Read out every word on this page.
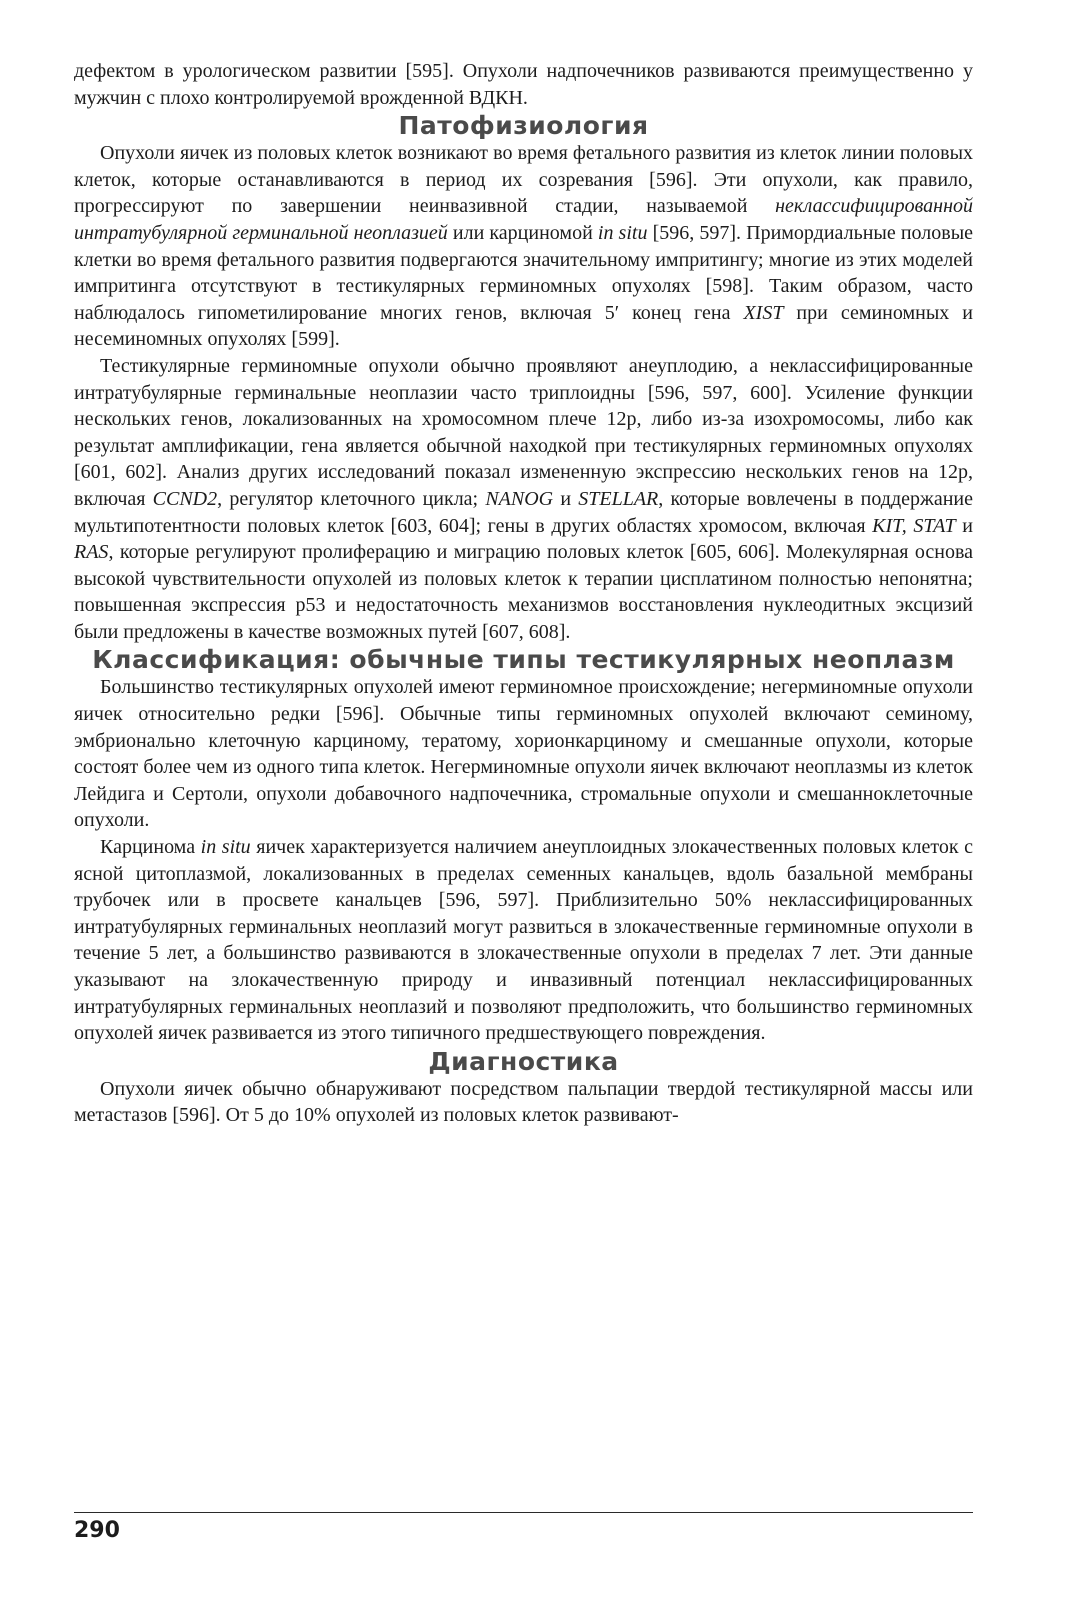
дефектом в урологическом развитии [595]. Опухоли надпочечников развиваются преимущественно у мужчин с плохо контролируемой врожденной ВДКН.

Патофизиология

Опухоли яичек из половых клеток возникают во время фетального развития из клеток линии половых клеток, которые останавливаются в период их созревания [596]. Эти опухоли, как правило, прогрессируют по завершении неинвазивной стадии, называемой неклассифицированной интратубулярной герминальной неоплазией или карциномой in situ [596, 597]. Примордиальные половые клетки во время фетального развития подвергаются значительному импритингу; многие из этих моделей импритинга отсутствуют в тестикулярных герминомных опухолях [598]. Таким образом, часто наблюдалось гипометилирование многих генов, включая 5′ конец гена XIST при семиномных и несеминомных опухолях [599].

Тестикулярные герминомные опухоли обычно проявляют анеуплодию, а неклассифицированные интратубулярные герминальные неоплазии часто триплоидны [596, 597, 600]. Усиление функции нескольких генов, локализованных на хромосомном плече 12р, либо из-за изохромосомы, либо как результат амплификации, гена является обычной находкой при тестикулярных герминомных опухолях [601, 602]. Анализ других исследований показал измененную экспрессию нескольких генов на 12р, включая CCND2, регулятор клеточного цикла; NANOG и STELLAR, которые вовлечены в поддержание мультипотентности половых клеток [603, 604]; гены в других областях хромосом, включая KIT, STAT и RAS, которые регулируют пролиферацию и миграцию половых клеток [605, 606]. Молекулярная основа высокой чувствительности опухолей из половых клеток к терапии цисплатином полностью непонятна; повышенная экспрессия p53 и недостаточность механизмов восстановления нуклеодитных эксцизий были предложены в качестве возможных путей [607, 608].

Классификация: обычные типы тестикулярных неоплазм

Большинство тестикулярных опухолей имеют герминомное происхождение; негерминомные опухоли яичек относительно редки [596]. Обычные типы герминомных опухолей включают семиному, эмбрионально клеточную карциному, тератому, хорионкарциному и смешанные опухоли, которые состоят более чем из одного типа клеток. Негерминомные опухоли яичек включают неоплазмы из клеток Лейдига и Сертоли, опухоли добавочного надпочечника, стромальные опухоли и смешанноклеточные опухоли.

Карцинома in situ яичек характеризуется наличием анеуплоидных злокачественных половых клеток с ясной цитоплазмой, локализованных в пределах семенных канальцев, вдоль базальной мембраны трубочек или в просвете канальцев [596, 597]. Приблизительно 50% неклассифицированных интратубулярных герминальных неоплазий могут развиться в злокачественные герминомные опухоли в течение 5 лет, а большинство развиваются в злокачественные опухоли в пределах 7 лет. Эти данные указывают на злокачественную природу и инвазивный потенциал неклассифицированных интратубулярных герминальных неоплазий и позволяют предположить, что большинство герминомных опухолей яичек развивается из этого типичного предшествующего повреждения.

Диагностика

Опухоли яичек обычно обнаруживают посредством пальпации твердой тестикулярной массы или метастазов [596]. От 5 до 10% опухолей из половых клеток развивают-

290
